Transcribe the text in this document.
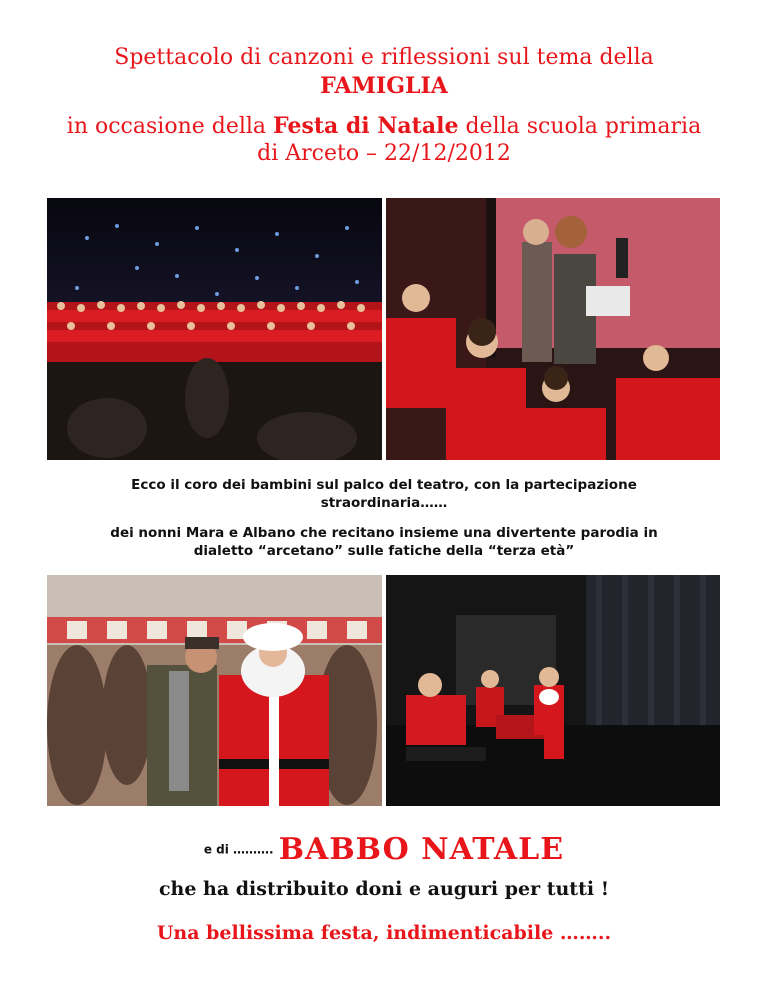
Spettacolo di canzoni e riflessioni sul tema della
FAMIGLIA
in occasione della Festa di Natale della scuola primaria
di Arceto – 22/12/2012
Ecco il coro dei bambini sul palco del teatro, con la partecipazione
straordinaria……
dei nonni Mara e Albano che recitano insieme una divertente parodia in
dialetto “arcetano” sulle fatiche della “terza età”
e di ………. BABBO NATALE
che ha distribuito doni e auguri per tutti !
Una bellissima festa, indimenticabile ……..
